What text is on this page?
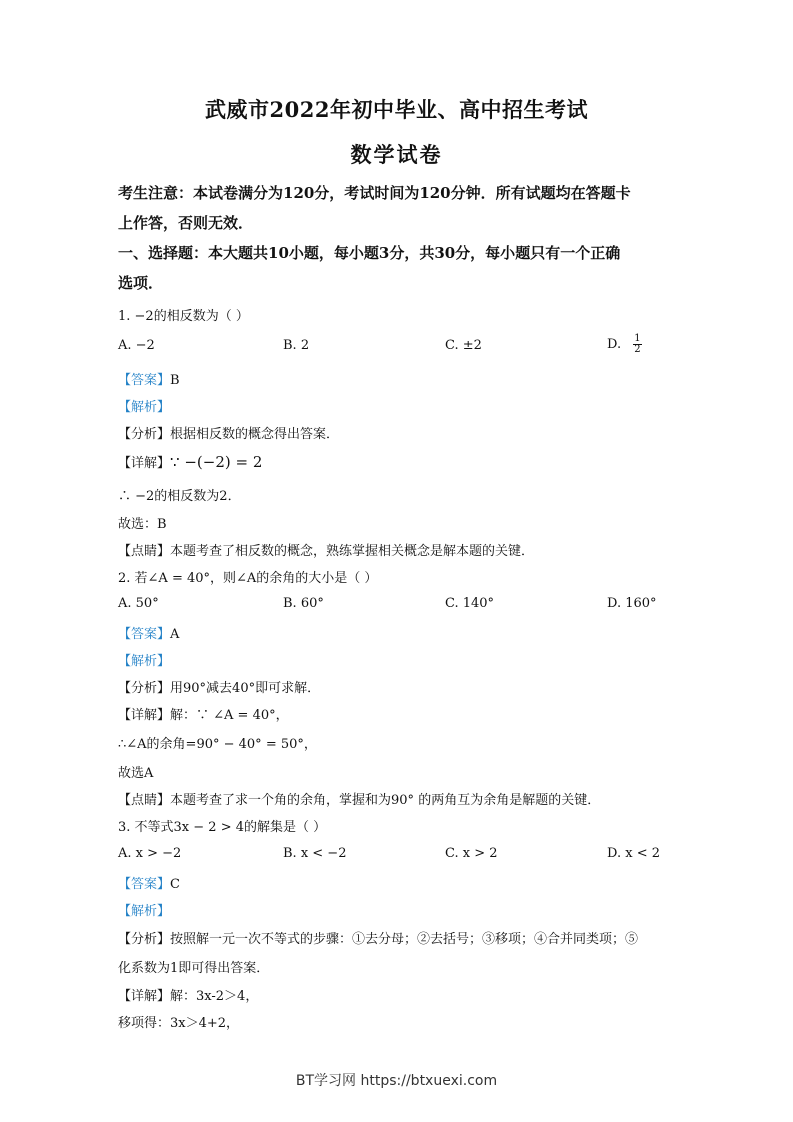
武威市2022年初中毕业、高中招生考试
数学试卷
考生注意：本试卷满分为120分，考试时间为120分钟．所有试题均在答题卡
上作答，否则无效．
一、选择题：本大题共10小题，每小题3分，共30分，每小题只有一个正确
选项．
1. −2的相反数为（ ）
A. −2	B. 2	C. ±2	D. $\frac{1}{2}$
【答案】B
【解析】
【分析】根据相反数的概念得出答案．
【详解】∵ −(−2) = 2
∴ −2的相反数为2．
故选：B
【点睛】本题考查了相反数的概念，熟练掌握相关概念是解本题的关键．
2. 若∠A = 40°，则∠A的余角的大小是（ ）
A. 50°	B. 60°	C. 140°	D. 160°
【答案】A
【解析】
【分析】用90°减去40°即可求解．
【详解】解：∵ ∠A = 40°，
∴∠A的余角=90° − 40° = 50°，
故选A
【点睛】本题考查了求一个角的余角，掌握和为90° 的两角互为余角是解题的关键．
3. 不等式3x − 2 > 4的解集是（ ）
A. x > −2	B. x < −2	C. x > 2	D. x < 2
【答案】C
【解析】
【分析】按照解一元一次不等式的步骤：①去分母；②去括号；③移项；④合并同类项；⑤
化系数为1即可得出答案．
【详解】解：3x-2＞4，
移项得：3x＞4+2，
BT学习网 https://btxuexi.com
